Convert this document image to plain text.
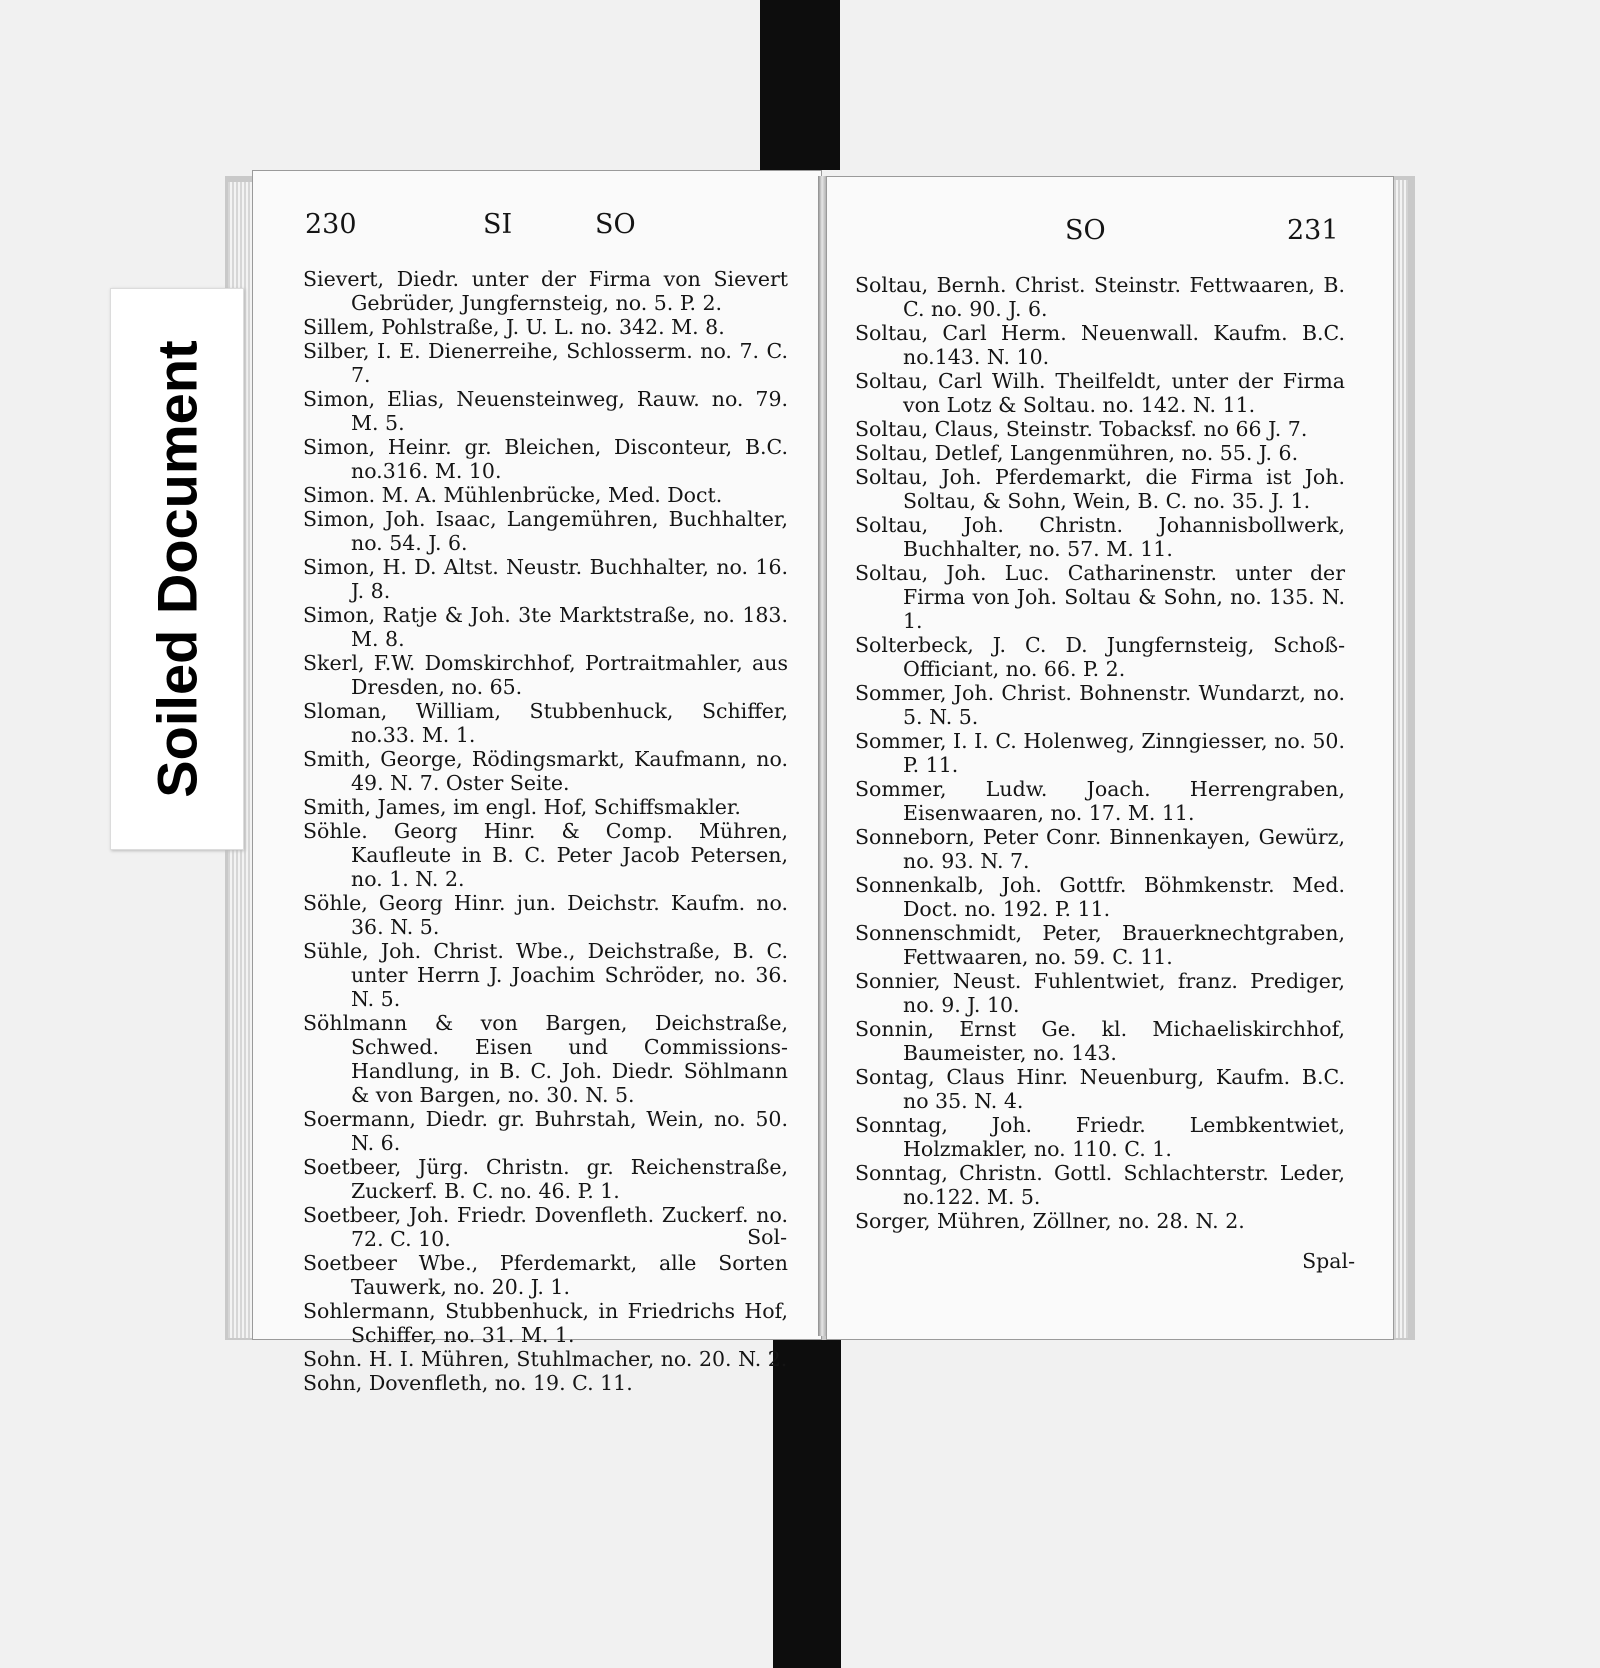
230	SI	SO
Sievert, Diedr. unter der Firma von Sievert Gebrüder, Jungfernsteig, no. 5. P. 2.
Sillem, Pohlstraße, J. U. L. no. 342. M. 8.
Silber, I. E. Dienerreihe, Schlosserm. no. 7. C. 7.
Simon, Elias, Neuensteinweg, Rauw. no. 79. M. 5.
Simon, Heinr. gr. Bleichen, Disconteur, B.C. no.316. M. 10.
Simon. M. A. Mühlenbrücke, Med. Doct.
Simon, Joh. Isaac, Langemühren, Buchhalter, no. 54. J. 6.
Simon, H. D. Altst. Neustr. Buchhalter, no. 16. J. 8.
Simon, Ratje & Joh. 3te Marktstraße, no. 183. M. 8.
Skerl, F.W. Domskirchhof, Portraitmahler, aus Dresden, no. 65.
Sloman, William, Stubbenhuck, Schiffer, no.33. M. 1.
Smith, George, Rödingsmarkt, Kaufmann, no. 49. N. 7. Oster Seite.
Smith, James, im engl. Hof, Schiffsmakler.
Söhle. Georg Hinr. & Comp. Mühren, Kaufleute in B. C. Peter Jacob Petersen, no. 1. N. 2.
Söhle, Georg Hinr. jun. Deichstr. Kaufm. no. 36. N. 5.
Sühle, Joh. Christ. Wbe., Deichstraße, B. C. unter Herrn J. Joachim Schröder, no. 36. N. 5.
Söhlmann & von Bargen, Deichstraße, Schwed. Eisen und Commissions-Handlung, in B. C. Joh. Diedr. Söhlmann & von Bargen, no. 30. N. 5.
Soermann, Diedr. gr. Buhrstah, Wein, no. 50. N. 6.
Soetbeer, Jürg. Christn. gr. Reichenstraße, Zuckerf. B. C. no. 46. P. 1.
Soetbeer, Joh. Friedr. Dovenfleth. Zuckerf. no. 72. C. 10.
Soetbeer Wbe., Pferdemarkt, alle Sorten Tauwerk, no. 20. J. 1.
Sohlermann, Stubbenhuck, in Friedrichs Hof, Schiffer, no. 31. M. 1.
Sohn. H. I. Mühren, Stuhlmacher, no. 20. N. 2.
Sohn, Dovenfleth, no. 19. C. 11.
Sol-
SO	231
Soltau, Bernh. Christ. Steinstr. Fettwaaren, B. C. no. 90. J. 6.
Soltau, Carl Herm. Neuenwall. Kaufm. B.C. no.143. N. 10.
Soltau, Carl Wilh. Theilfeldt, unter der Firma von Lotz & Soltau. no. 142. N. 11.
Soltau, Claus, Steinstr. Tobacksf. no 66 J. 7.
Soltau, Detlef, Langenmühren, no. 55. J. 6.
Soltau, Joh. Pferdemarkt, die Firma ist Joh. Soltau, & Sohn, Wein, B. C. no. 35. J. 1.
Soltau, Joh. Christn. Johannisbollwerk, Buchhalter, no. 57. M. 11.
Soltau, Joh. Luc. Catharinenstr. unter der Firma von Joh. Soltau & Sohn, no. 135. N. 1.
Solterbeck, J. C. D. Jungfernsteig, Schoß-Officiant, no. 66. P. 2.
Sommer, Joh. Christ. Bohnenstr. Wundarzt, no. 5. N. 5.
Sommer, I. I. C. Holenweg, Zinngiesser, no. 50. P. 11.
Sommer, Ludw. Joach. Herrengraben, Eisenwaaren, no. 17. M. 11.
Sonneborn, Peter Conr. Binnenkayen, Gewürz, no. 93. N. 7.
Sonnenkalb, Joh. Gottfr. Böhmkenstr. Med. Doct. no. 192. P. 11.
Sonnenschmidt, Peter, Brauerknechtgraben, Fettwaaren, no. 59. C. 11.
Sonnier, Neust. Fuhlentwiet, franz. Prediger, no. 9. J. 10.
Sonnin, Ernst Ge. kl. Michaeliskirchhof, Baumeister, no. 143.
Sontag, Claus Hinr. Neuenburg, Kaufm. B.C. no 35. N. 4.
Sonntag, Joh. Friedr. Lembkentwiet, Holzmakler, no. 110. C. 1.
Sonntag, Christn. Gottl. Schlachterstr. Leder, no.122. M. 5.
Sorger, Mühren, Zöllner, no. 28. N. 2.
Spal-
Soiled Document
